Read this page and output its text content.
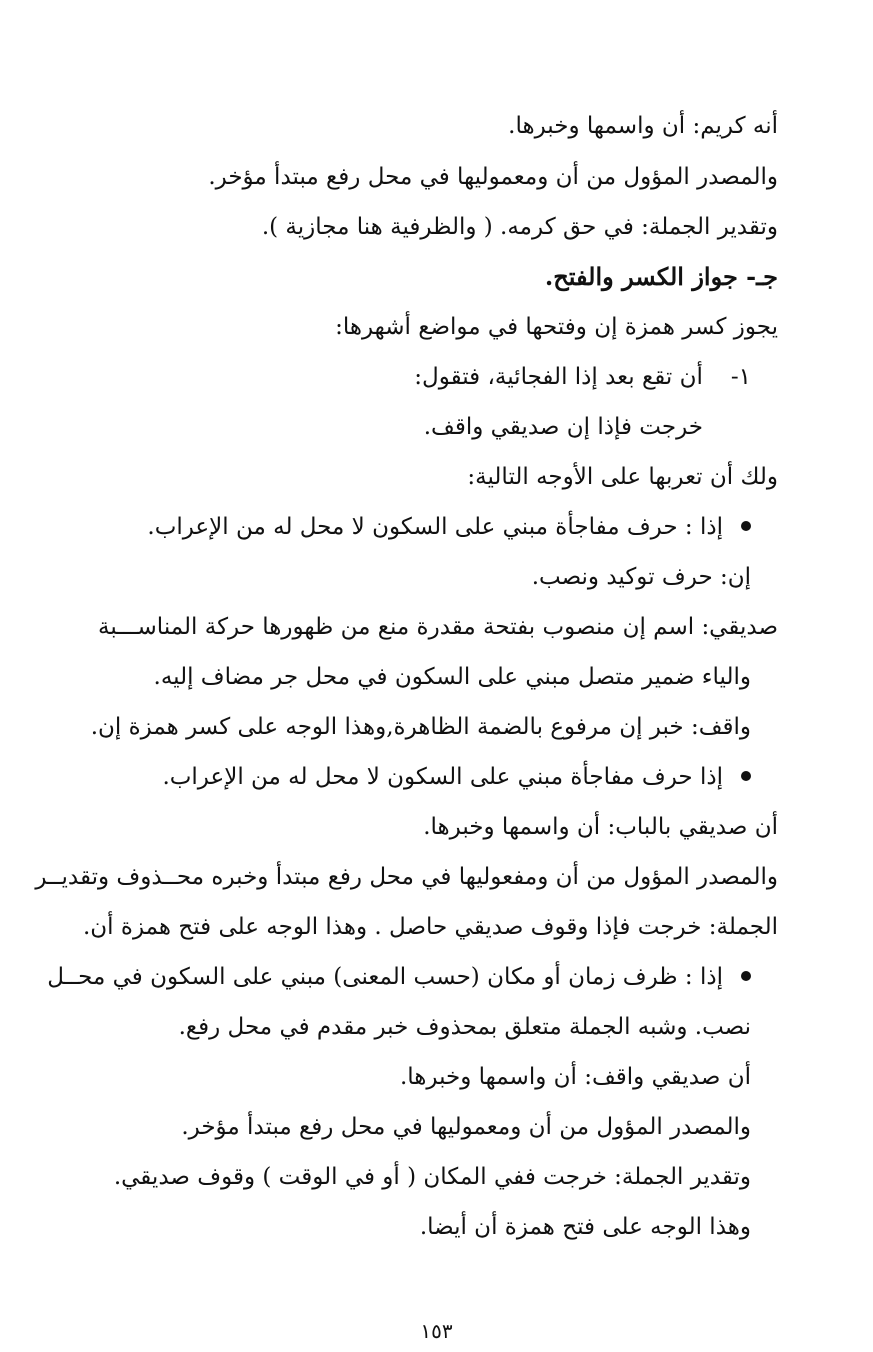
أنه كريم: أن واسمها وخبرها.
والمصدر المؤول من أن ومعموليها في محل رفع مبتدأ مؤخر.
وتقدير الجملة: في حق كرمه. ( والظرفية هنا مجازية ).
جـ- جواز الكسر والفتح.
يجوز كسر همزة إن وفتحها في مواضع أشهرها:
١-أن تقع بعد إذا الفجائية، فتقول:
خرجت فإذا إن صديقي واقف.
ولك أن تعربها على الأوجه التالية:
إذا : حرف مفاجأة مبني على السكون لا محل له من الإعراب.
إن: حرف توكيد ونصب.
صديقي: اسم إن منصوب بفتحة مقدرة منع من ظهورها حركة المناســـبة
والياء ضمير متصل مبني على السكون في محل جر مضاف إليه.
واقف: خبر إن مرفوع بالضمة الظاهرة,وهذا الوجه على كسر همزة إن.
إذا حرف مفاجأة مبني على السكون لا محل له من الإعراب.
أن صديقي بالباب: أن واسمها وخبرها.
والمصدر المؤول من أن ومفعوليها في محل رفع مبتدأ وخبره محــذوف وتقديــر
الجملة: خرجت فإذا وقوف صديقي حاصل . وهذا الوجه على فتح همزة أن.
إذا : ظرف زمان أو مكان (حسب المعنى) مبني على السكون في محــل
نصب. وشبه الجملة متعلق بمحذوف خبر مقدم في محل رفع.
أن صديقي واقف: أن واسمها وخبرها.
والمصدر المؤول من أن ومعموليها في محل رفع مبتدأ مؤخر.
وتقدير الجملة: خرجت ففي المكان ( أو في الوقت ) وقوف صديقي.
وهذا الوجه على فتح همزة أن أيضا.
١٥٣
